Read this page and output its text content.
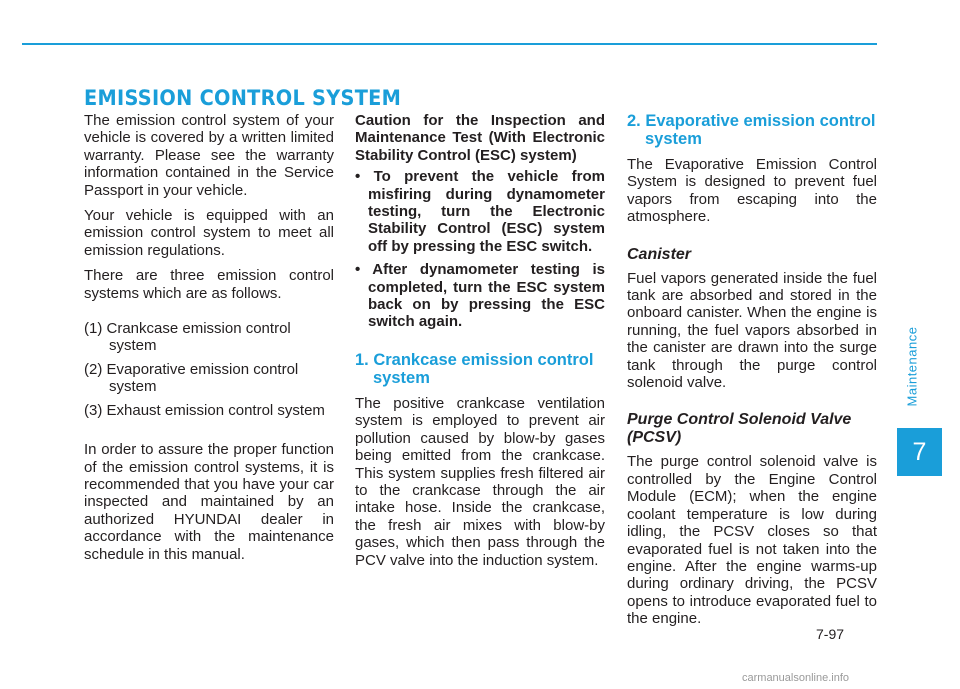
EMISSION CONTROL SYSTEM

The emission control system of your vehicle is covered by a written limited warranty. Please see the warranty information contained in the Service Passport in your vehicle.

Your vehicle is equipped with an emission control system to meet all emission regulations.

There are three emission control systems which are as follows.

(1) Crankcase emission control system
(2) Evaporative emission control system
(3) Exhaust emission control system

In order to assure the proper function of the emission control systems, it is recommended that you have your car inspected and maintained by an authorized HYUNDAI dealer in accordance with the maintenance schedule in this manual.

Caution for the Inspection and Maintenance Test (With Electronic Stability Control (ESC) system)

• To prevent the vehicle from misfiring during dynamometer testing, turn the Electronic Stability Control (ESC) system off by pressing the ESC switch.
• After dynamometer testing is completed, turn the ESC system back on by pressing the ESC switch again.
1. Crankcase emission control system

The positive crankcase ventilation system is employed to prevent air pollution caused by blow-by gases being emitted from the crankcase. This system supplies fresh filtered air to the crankcase through the air intake hose. Inside the crankcase, the fresh air mixes with blow-by gases, which then pass through the PCV valve into the induction system.

2. Evaporative emission control system

The Evaporative Emission Control System is designed to prevent fuel vapors from escaping into the atmosphere.

Canister

Fuel vapors generated inside the fuel tank are absorbed and stored in the onboard canister. When the engine is running, the fuel vapors absorbed in the canister are drawn into the surge tank through the purge control solenoid valve.

Purge Control Solenoid Valve (PCSV)

The purge control solenoid valve is controlled by the Engine Control Module (ECM); when the engine coolant temperature is low during idling, the PCSV closes so that evaporated fuel is not taken into the engine. After the engine warms-up during ordinary driving, the PCSV opens to introduce evaporated fuel to the engine.

Maintenance
7
7-97
carmanualsonline.info
